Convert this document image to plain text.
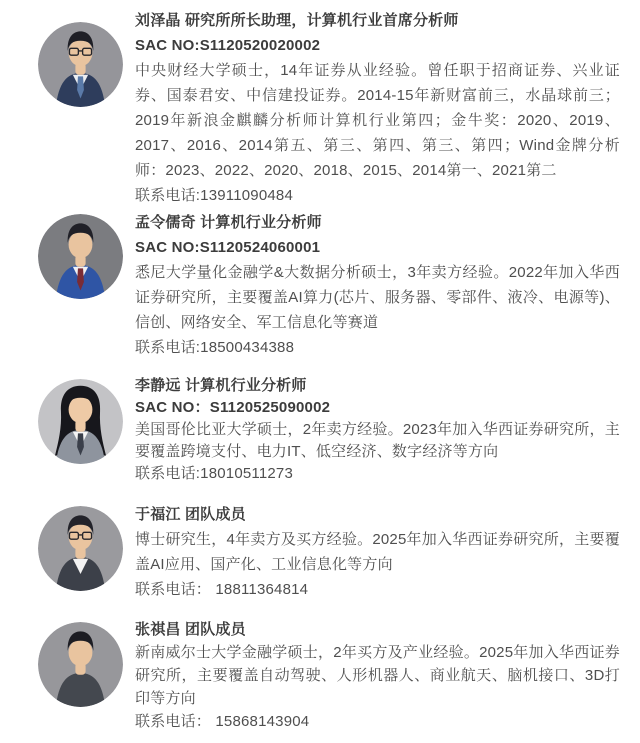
刘泽晶 研究所所长助理，计算机行业首席分析师
SAC NO:S1120520020002
中央财经大学硕士，14年证券从业经验。曾任职于招商证券、兴业证券、国泰君安、中信建投证券。2014-15年新财富前三，水晶球前三；2019年新浪金麒麟分析师计算机行业第四；金牛奖：2020、2019、2017、2016、2014第五、第三、第四、第三、第四；Wind金牌分析师：2023、2022、2020、2018、2015、2014第一、2021第二
联系电话:13911090484
孟令儒奇 计算机行业分析师
SAC NO:S1120524060001
悉尼大学量化金融学&大数据分析硕士，3年卖方经验。2022年加入华西证券研究所，主要覆盖AI算力(芯片、服务器、零部件、液冷、电源等)、信创、网络安全、军工信息化等赛道
联系电话:18500434388
李静远 计算机行业分析师
SAC NO：S1120525090002
美国哥伦比亚大学硕士，2年卖方经验。2023年加入华西证券研究所，主要覆盖跨境支付、电力IT、低空经济、数字经济等方向
联系电话:18010511273
于福江 团队成员
博士研究生，4年卖方及买方经验。2025年加入华西证券研究所，主要覆盖AI应用、国产化、工业信息化等方向
联系电话： 18811364814
张祺昌 团队成员
新南威尔士大学金融学硕士，2年买方及产业经验。2025年加入华西证券研究所，主要覆盖自动驾驶、人形机器人、商业航天、脑机接口、3D打印等方向
联系电话： 15868143904
